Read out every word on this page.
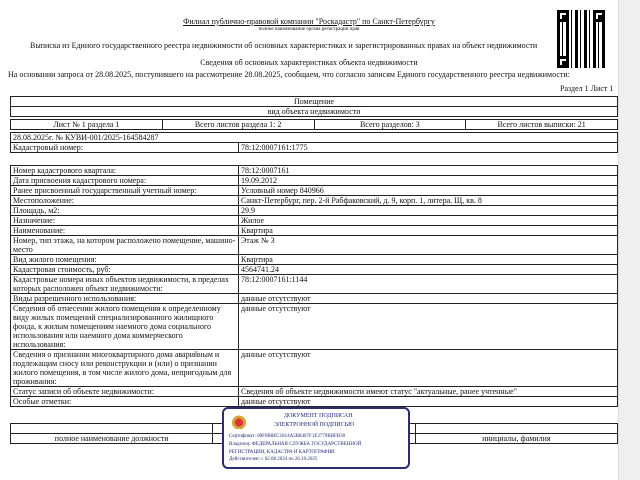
Филиал публично-правовой компании "Роскадастр" по Санкт-Петербургу
полное наименование органа регистрации прав
Выписка из Единого государственного реестра недвижимости об основных характеристиках и зарегистрированных правах на объект недвижимости
Сведения об основных характеристиках объекта недвижимости
На основании запроса от 28.08.2025, поступившего на рассмотрение 28.08.2025, сообщаем, что согласно записям Единого государственного реестра недвижимости:
Раздел 1 Лист 1
Помещение
вид объекта недвижимости
Лист № 1 раздела 1	Всего листов раздела 1: 2	Всего разделов: 3	Всего листов выписки: 21
28.08.2025г. № КУВИ-001/2025-164584287
Кадастровый номер:	78:12:0007161:1775
Номер кадастрового квартала:	78:12:0007161
Дата присвоения кадастрового номера:	19.09.2012
Ранее присвоенный государственный учетный номер:	Условный номер 840966
Местоположение:	Санкт-Петербург, пер. 2-й Рабфаковский, д. 9, корп. 1, литера. Щ, кв. 8
Площадь, м2:	29.9
Назначение:	Жилое
Наименование:	Квартира
Номер, тип этажа, на котором расположено помещение, машино-место	Этаж № 3
Вид жилого помещения:	Квартира
Кадастровая стоимость, руб:	4564741.24
Кадастровые номера иных объектов недвижимости, в пределах которых расположен объект недвижимости:	78:12:0007161:1144
Виды разрешенного использования:	данные отсутствуют
Сведения об отнесении жилого помещения к определенному виду жилых помещений специализированного жилищного фонда, к жилым помещениям наемного дома социального использования или наемного дома коммерческого использования:	данные отсутствуют
Сведения о признании многоквартирного дома аварийным и подлежащим сносу или реконструкции и (или) о признании жилого помещения, в том числе жилого дома, непригодным для проживания:	данные отсутствуют
Статус записи об объекте недвижимости:	Сведения об объекте недвижимости имеют статус "актуальные, ранее учтенные"
Особые отметки:	данные отсутствуют

полное наименование должности		инициалы, фамилия
ДОКУМЕНТ ПОДПИСАН
ЭЛЕКТРОННОЙ ПОДПИСЬЮ
Сертификат: 00F0B8EC1814A5B8407F1E3779BBFB30
Владелец: ФЕДЕРАЛЬНАЯ СЛУЖБА ГОСУДАРСТВЕННОЙ
РЕГИСТРАЦИИ, КАДАСТРА И КАРТОГРАФИИ
Действителен: с 02.08.2024 по 26.10.2025
